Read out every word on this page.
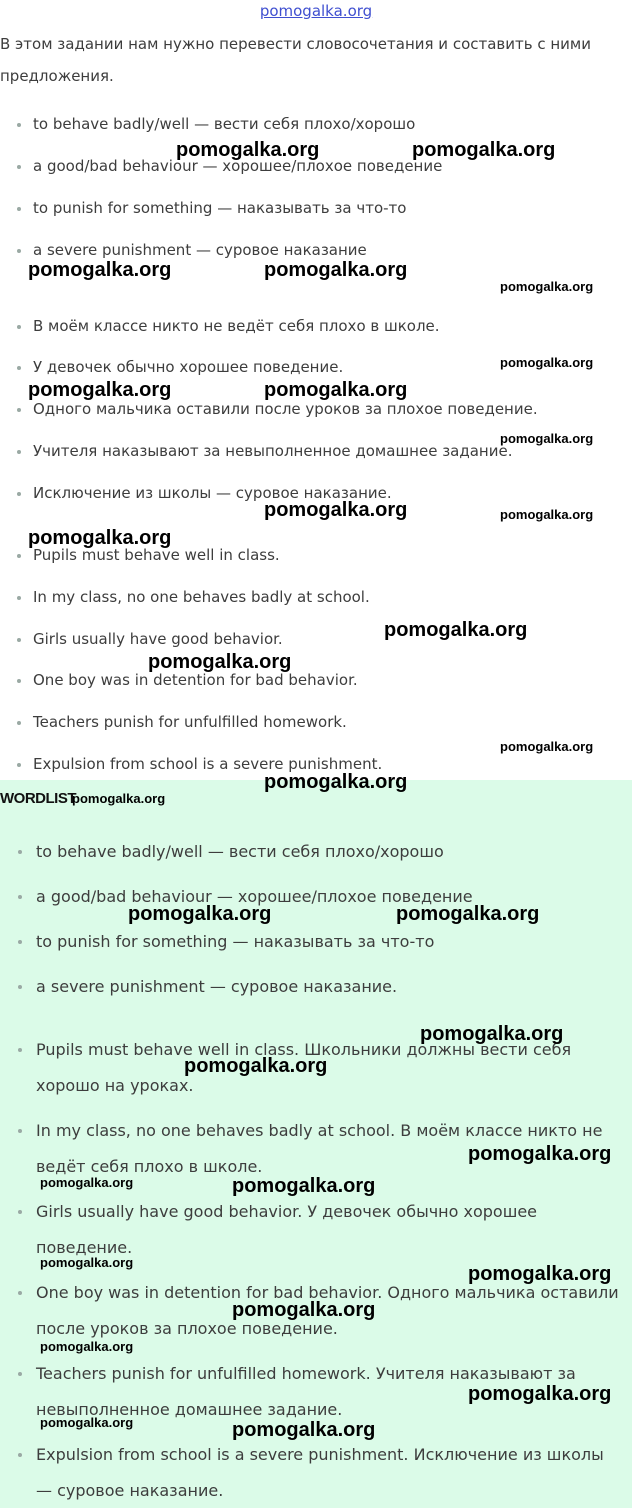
pomogalka.org

В этом задании нам нужно перевести словосочетания и составить с ними предложения.

to behave badly/well — вести себя плохо/хорошо
a good/bad behaviour — хорошее/плохое поведение
to punish for something — наказывать за что-то
a severe punishment — суровое наказание
В моём классе никто не ведёт себя плохо в школе.
У девочек обычно хорошее поведение.
Одного мальчика оставили после уроков за плохое поведение.
Учителя наказывают за невыполненное домашнее задание.
Исключение из школы — суровое наказание.
Pupils must behave well in class.
In my class, no one behaves badly at school.
Girls usually have good behavior.
One boy was in detention for bad behavior.
Teachers punish for unfulfilled homework.
Expulsion from school is a severe punishment.
WORDLIST
to behave badly/well — вести себя плохо/хорошо
a good/bad behaviour — хорошее/плохое поведение
to punish for something — наказывать за что-то
a severe punishment — суровое наказание.
Pupils must behave well in class. Школьники должны вести себя хорошо на уроках.
In my class, no one behaves badly at school. В моём классе никто не ведёт себя плохо в школе.
Girls usually have good behavior. У девочек обычно хорошее поведение.
One boy was in detention for bad behavior. Одного мальчика оставили после уроков за плохое поведение.
Teachers punish for unfulfilled homework. Учителя наказывают за невыполненное домашнее задание.
Expulsion from school is a severe punishment. Исключение из школы — суровое наказание.
pomogalka.org	pomogalka.org
pomogalka.org	pomogalka.org
pomogalka.org
pomogalka.org
pomogalka.org	pomogalka.org
pomogalka.org
pomogalka.org	pomogalka.org
pomogalka.org
pomogalka.org
pomogalka.org
pomogalka.org
pomogalka.org
pomogalka.org
pomogalka.org	pomogalka.org
pomogalka.org
pomogalka.org
pomogalka.org
pomogalka.org	pomogalka.org
pomogalka.org
pomogalka.org
pomogalka.org
pomogalka.org
pomogalka.org
pomogalka.org	pomogalka.org
